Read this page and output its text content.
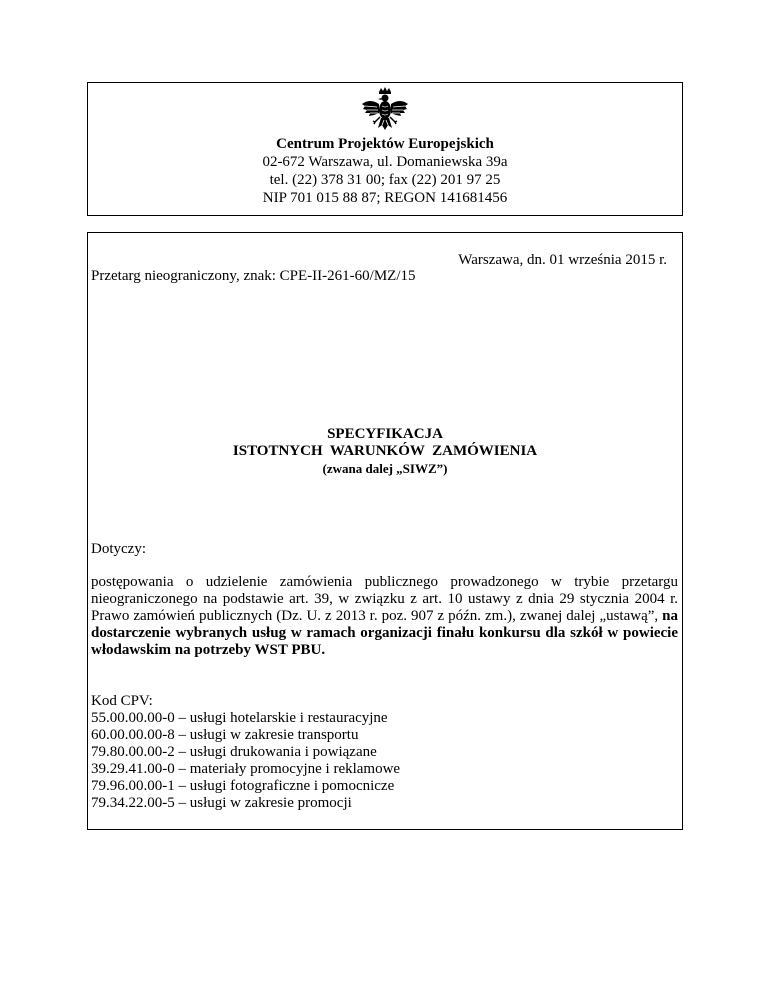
Centrum Projektów Europejskich
02-672 Warszawa, ul. Domaniewska 39a
tel. (22) 378 31 00; fax (22) 201 97 25
NIP 701 015 88 87; REGON 141681456
Warszawa, dn. 01 września 2015 r.
Przetarg nieograniczony, znak: CPE-II-261-60/MZ/15
SPECYFIKACJA
ISTOTNYCH  WARUNKÓW  ZAMÓWIENIA
(zwana dalej „SIWZ”)
Dotyczy:
postępowania o udzielenie zamówienia publicznego prowadzonego w trybie przetargu nieograniczonego na podstawie art. 39, w związku z art. 10 ustawy z dnia 29 stycznia 2004 r. Prawo zamówień publicznych (Dz. U. z 2013 r. poz. 907 z późn. zm.), zwanej dalej „ustawą”, na dostarczenie wybranych usług w ramach organizacji finału konkursu dla szkół w powiecie włodawskim na potrzeby WST PBU.
Kod CPV:
55.00.00.00-0 – usługi hotelarskie i restauracyjne
60.00.00.00-8 – usługi w zakresie transportu
79.80.00.00-2 – usługi drukowania i powiązane
39.29.41.00-0 – materiały promocyjne i reklamowe
79.96.00.00-1 – usługi fotograficzne i pomocnicze
79.34.22.00-5 – usługi w zakresie promocji
